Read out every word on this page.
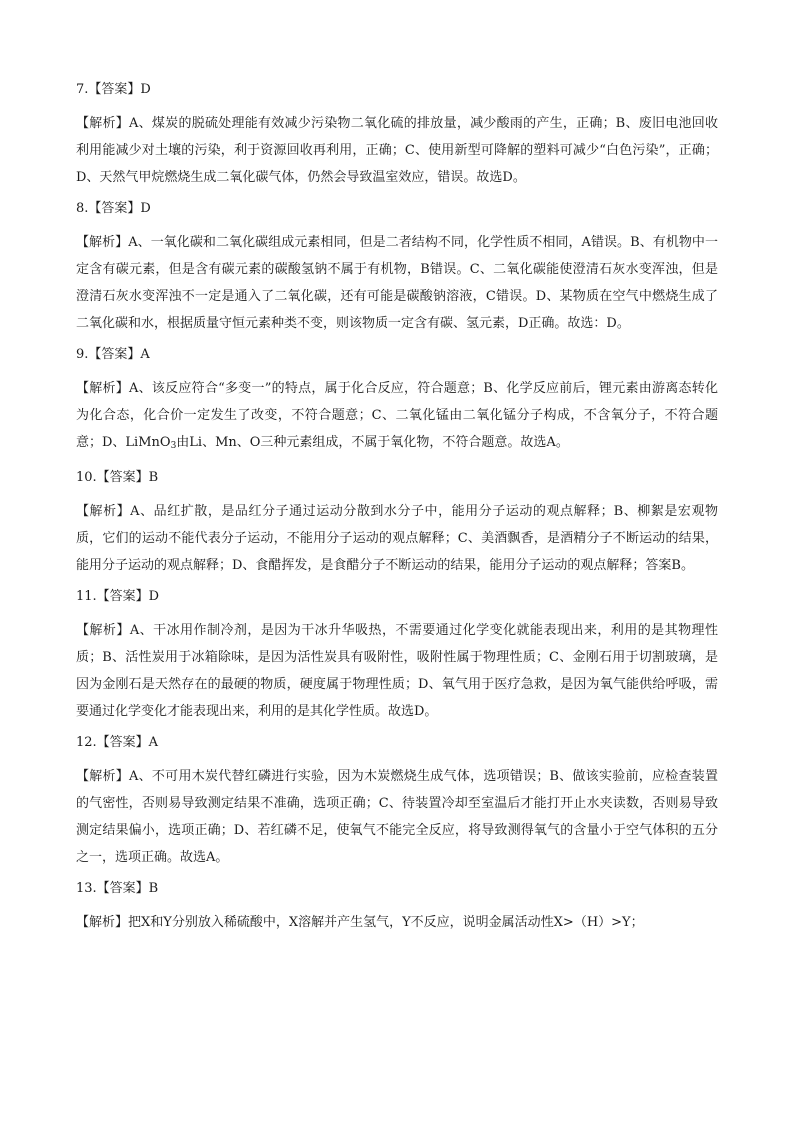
7.【答案】D

【解析】A、煤炭的脱硫处理能有效减少污染物二氧化硫的排放量，减少酸雨的产生，正确；B、废旧电池回收利用能减少对土壤的污染，利于资源回收再利用，正确；C、使用新型可降解的塑料可减少“白色污染”，正确；D、天然气甲烷燃烧生成二氧化碳气体，仍然会导致温室效应，错误。故选D。

8.【答案】D

【解析】A、一氧化碳和二氧化碳组成元素相同，但是二者结构不同，化学性质不相同，A错误。B、有机物中一定含有碳元素，但是含有碳元素的碳酸氢钠不属于有机物，B错误。C、二氧化碳能使澄清石灰水变浑浊，但是澄清石灰水变浑浊不一定是通入了二氧化碳，还有可能是碳酸钠溶液，C错误。D、某物质在空气中燃烧生成了二氧化碳和水，根据质量守恒元素种类不变，则该物质一定含有碳、氢元素，D正确。故选：D。

9.【答案】A

【解析】A、该反应符合“多变一”的特点，属于化合反应，符合题意；B、化学反应前后，锂元素由游离态转化为化合态，化合价一定发生了改变，不符合题意；C、二氧化锰由二氧化锰分子构成，不含氧分子，不符合题意；D、LiMnO$_3$由Li、Mn、O三种元素组成，不属于氧化物，不符合题意。故选A。

10.【答案】B

【解析】A、品红扩散，是品红分子通过运动分散到水分子中，能用分子运动的观点解释；B、柳絮是宏观物质，它们的运动不能代表分子运动，不能用分子运动的观点解释；C、美酒飘香，是酒精分子不断运动的结果，能用分子运动的观点解释；D、食醋挥发，是食醋分子不断运动的结果，能用分子运动的观点解释；答案B。

11.【答案】D

【解析】A、干冰用作制冷剂，是因为干冰升华吸热，不需要通过化学变化就能表现出来，利用的是其物理性质；B、活性炭用于冰箱除味，是因为活性炭具有吸附性，吸附性属于物理性质；C、金刚石用于切割玻璃，是因为金刚石是天然存在的最硬的物质，硬度属于物理性质；D、氧气用于医疗急救，是因为氧气能供给呼吸，需要通过化学变化才能表现出来，利用的是其化学性质。故选D。

12.【答案】A

【解析】A、不可用木炭代替红磷进行实验，因为木炭燃烧生成气体，选项错误；B、做该实验前，应检查装置的气密性，否则易导致测定结果不准确，选项正确；C、待装置冷却至室温后才能打开止水夹读数，否则易导致测定结果偏小，选项正确；D、若红磷不足，使氧气不能完全反应，将导致测得氧气的含量小于空气体积的五分之一，选项正确。故选A。

13.【答案】B

【解析】把X和Y分别放入稀硫酸中，X溶解并产生氢气，Y不反应，说明金属活动性X>（H）>Y；
